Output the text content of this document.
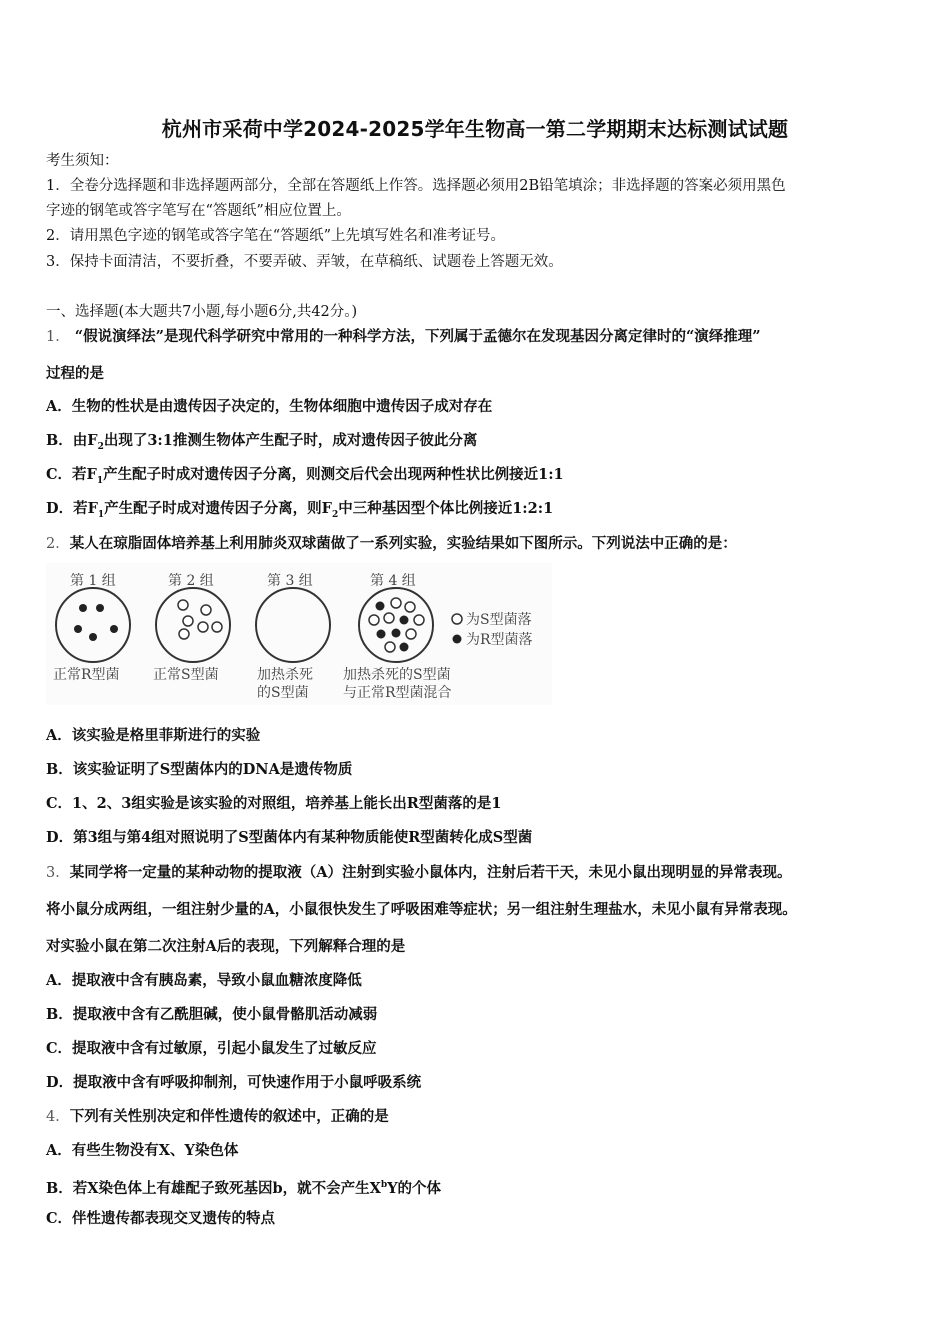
杭州市采荷中学2024-2025学年生物高一第二学期期末达标测试试题
考生须知：
1．全卷分选择题和非选择题两部分，全部在答题纸上作答。选择题必须用2B铅笔填涂；非选择题的答案必须用黑色
字迹的钢笔或答字笔写在“答题纸”相应位置上。
2．请用黑色字迹的钢笔或答字笔在“答题纸”上先填写姓名和准考证号。
3．保持卡面清洁，不要折叠，不要弄破、弄皱，在草稿纸、试题卷上答题无效。
一、选择题(本大题共7小题,每小题6分,共42分。)
1． “假说演绎法”是现代科学研究中常用的一种科学方法，下列属于孟德尔在发现基因分离定律时的“演绎推理”
过程的是
A．生物的性状是由遗传因子决定的，生物体细胞中遗传因子成对存在
B．由$F_2$出现了3:1推测生物体产生配子时，成对遗传因子彼此分离
C．若$F_1$产生配子时成对遗传因子分离，则测交后代会出现两种性状比例接近1:1
D．若$F_1$产生配子时成对遗传因子分离，则$F_2$中三种基因型个体比例接近1:2:1
2．某人在琼脂固体培养基上利用肺炎双球菌做了一系列实验，实验结果如下图所示。下列说法中正确的是：
第 1 组	第 2 组	第 3 组	第 4 组
为S型菌落
为R型菌落
正常R型菌 正常S型菌	加热杀死
的S型菌
加热杀死的S型菌
与正常R型菌混合
A．该实验是格里菲斯进行的实验
B．该实验证明了S型菌体内的DNA是遗传物质
C．1、2、3组实验是该实验的对照组，培养基上能长出R型菌落的是1
D．第3组与第4组对照说明了S型菌体内有某种物质能使R型菌转化成S型菌
3．某同学将一定量的某种动物的提取液（A）注射到实验小鼠体内，注射后若干天，未见小鼠出现明显的异常表现。
将小鼠分成两组，一组注射少量的A，小鼠很快发生了呼吸困难等症状；另一组注射生理盐水，未见小鼠有异常表现。
对实验小鼠在第二次注射A后的表现，下列解释合理的是
A．提取液中含有胰岛素，导致小鼠血糖浓度降低
B．提取液中含有乙酰胆碱，使小鼠骨骼肌活动减弱
C．提取液中含有过敏原，引起小鼠发生了过敏反应
D．提取液中含有呼吸抑制剂，可快速作用于小鼠呼吸系统
4．下列有关性别决定和伴性遗传的叙述中，正确的是
A．有些生物没有X、Y染色体
B．若X染色体上有雄配子致死基因b，就不会产生$X^bY$的个体
C．伴性遗传都表现交叉遗传的特点
